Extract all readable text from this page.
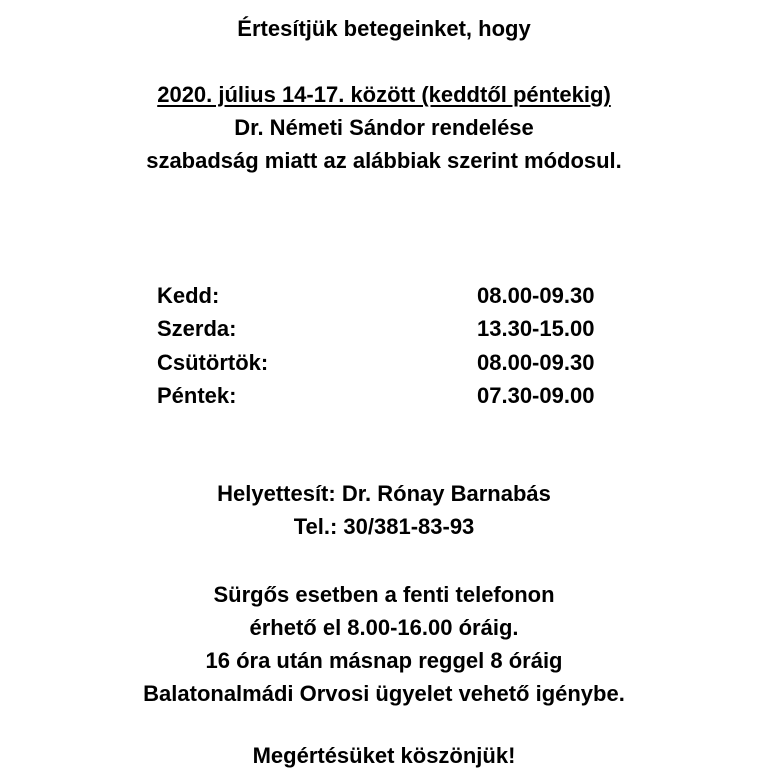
Értesítjük betegeinket, hogy
2020. július 14-17. között (keddtől péntekig)
Dr. Németi Sándor rendelése
szabadság miatt az alábbiak szerint módosul.
Kedd:	08.00-09.30
Szerda:	13.30-15.00
Csütörtök:	08.00-09.30
Péntek:	07.30-09.00
Helyettesít: Dr. Rónay Barnabás
Tel.: 30/381-83-93
Sürgős esetben a fenti telefonon
érhető el 8.00-16.00 óráig.
16 óra után másnap reggel 8 óráig
Balatonalmádi Orvosi ügyelet vehető igénybe.
Megértésüket köszönjük!
